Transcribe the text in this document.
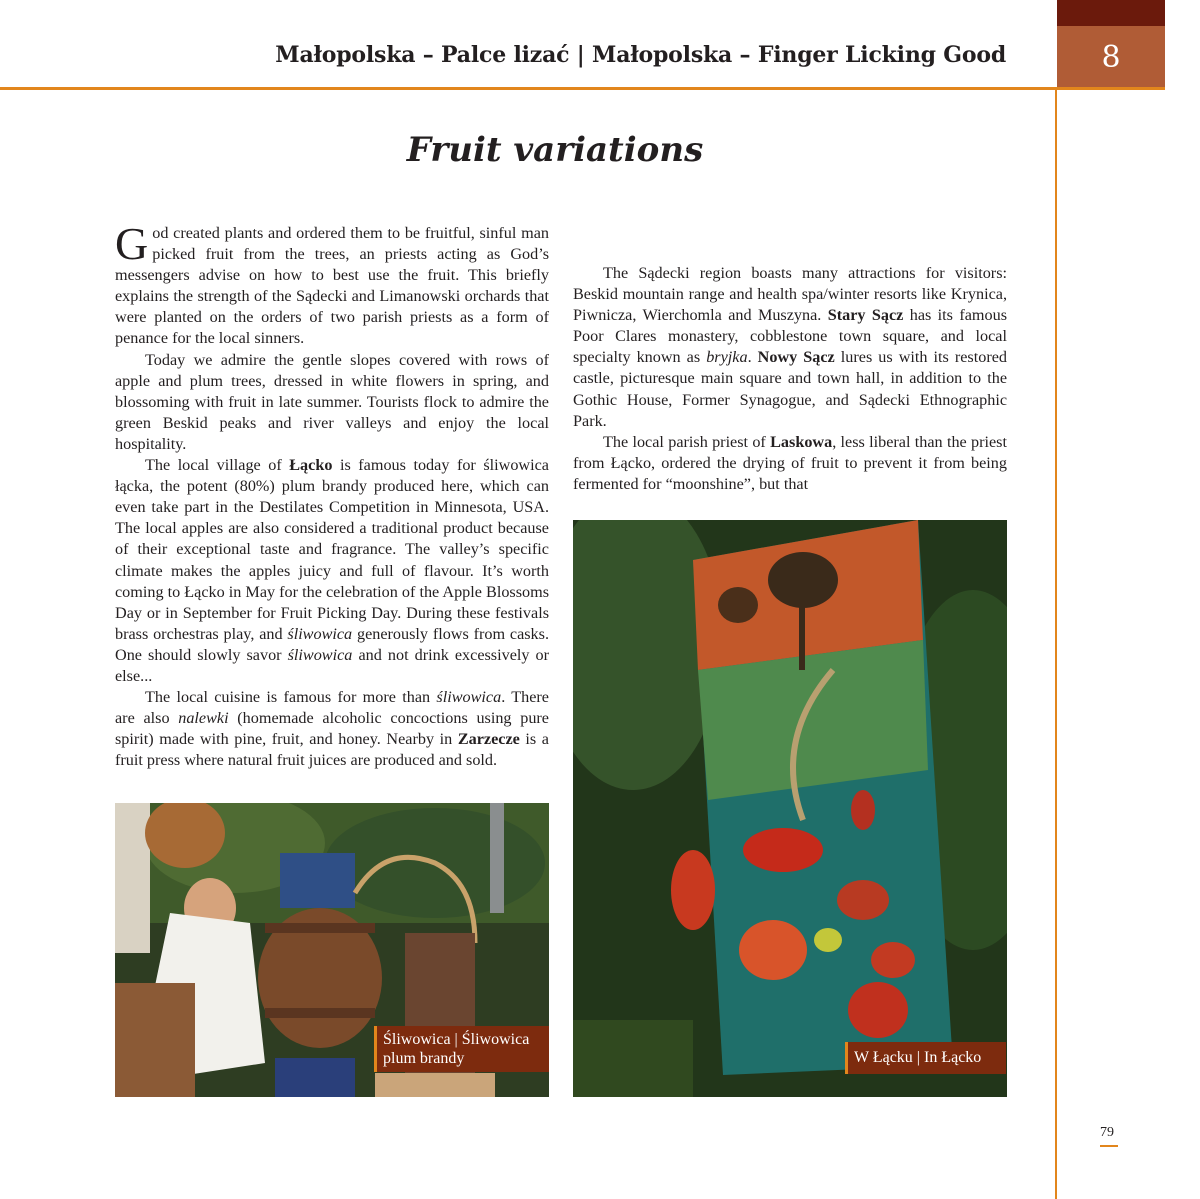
8
Małopolska – Palce lizać | Małopolska – Finger Licking Good
Fruit variations

God created plants and ordered them to be fruitful, sinful man picked fruit from the trees, an priests acting as God’s messengers advise on how to best use the fruit. This briefly explains the strength of the Sądecki and Limanowski orchards that were planted on the orders of two parish priests as a form of penance for the local sinners.

Today we admire the gentle slopes covered with rows of apple and plum trees, dressed in white flowers in spring, and blossoming with fruit in late summer. Tourists flock to admire the green Beskid peaks and river valleys and enjoy the local hospitality.

The local village of Łącko is famous today for śliwowica łącka, the potent (80%) plum brandy produced here, which can even take part in the Destilates Competition in Minnesota, USA. The local apples are also considered a traditional product because of their exceptional taste and fragrance. The valley’s specific climate makes the apples juicy and full of flavour. It’s worth coming to Łącko in May for the celebration of the Apple Blossoms Day or in September for Fruit Picking Day. During these festivals brass orchestras play, and śliwowica generously flows from casks. One should slowly savor śliwowica and not drink excessively or else...

The local cuisine is famous for more than śliwowica. There are also nalewki (homemade alcoholic concoctions using pure spirit) made with pine, fruit, and honey. Nearby in Zarzecze is a fruit press where natural fruit juices are produced and sold.

The Sądecki region boasts many attractions for visitors: Beskid mountain range and health spa/winter resorts like Krynica, Piwnicza, Wierchomla and Muszyna. Stary Sącz has its famous Poor Clares monastery, cobblestone town square, and local specialty known as bryjka. Nowy Sącz lures us with its restored castle, picturesque main square and town hall, in addition to the Gothic House, Former Synagogue, and Sądecki Ethnographic Park.

The local parish priest of Laskowa, less liberal than the priest from Łącko, ordered the drying of fruit to prevent it from being fermented for “moonshine”, but that

Śliwowica | Śliwowica
plum brandy	W Łącku | In Łącko
wedlinydomowe.pl	79
